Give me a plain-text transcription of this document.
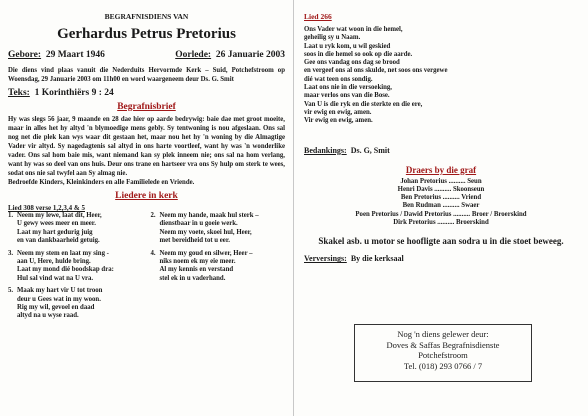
BEGRAFNISDIENS VAN
Gerhardus Petrus Pretorius
Gebore: 29 Maart 1946	Oorlede: 26 Januarie 2003
Die diens vind plaas vanuit die Nederduits Hervormde Kerk – Suid, Potchefstroom op Woensdag, 29 Januarie 2003 om 11h00 en word waargeneem deur Ds. G. Smit
Teks: 1 Korinthiërs 9 : 24
Begrafnisbrief
Hy was slegs 56 jaar, 9 maande en 28 dae hier op aarde bedrywig: baie dae met groot moeite, maar in alles het hy altyd 'n blymoedige mens gebly. Sy tentwoning is nou afgeslaan. Ons sal nog net die plek kan wys waar dit gestaan het, maar nou het hy 'n woning by die Almagtige Vader vir altyd. Sy nagedagtenis sal altyd in ons harte voortleef, want hy was 'n wonderlike vader. Ons sal hom baie mis, want niemand kan sy plek inneem nie; ons sal na hom verlang, want hy was so deel van ons huis. Deur ons trane en hartseer vra ons Sy hulp om sterk te wees, sodat ons nie sal twyfel aan Sy almag nie.
Bedroefde Kinders, Kleinkinders en alle Familielede en Vriende.
Liedere in kerk
Lied 308 verse 1,2,3,4 & 5
1. Neem my lewe, laat dit, Heer,
U gewy wees meer en meer.
Laat my hart gedurig juig
en van dankbaarheid getuig.
3. Neem my stem en laat my sing -
aan U, Here, hulde bring.
Laat my mond dié boodskap dra:
Hul sal vind wat na U vra.
5. Maak my hart vir U tot troon
deur u Gees wat in my woon.
Rig my wil, gevoel en daad
altyd na u wyse raad.
2. Neem my hande, maak hul sterk –
dienstbaar in u goeie werk.
Neem my voete, skoei hul, Heer,
met bereidheid tot u eer.
4. Neem my goud en silwer, Heer –
niks noem ek my eie meer.
Al my kennis en verstand
stel ek in u vaderhand.
Lied 266
Ons Vader wat woon in die hemel,
geheilig sy u Naam.
Laat u ryk kom, u wil geskied
soos in die hemel so ook op die aarde.
Gee ons vandag ons dag se brood
en vergeef ons al ons skulde, net soos ons vergewe
dié wat teen ons sondig.
Laat ons nie in die versoeking,
maar verlos ons van die Bose.
Van U is die ryk en die sterkte en die ere,
vir ewig en ewig, amen.
Vir ewig en ewig, amen.
Bedankings: Ds. G, Smit
Draers by die graf
Johan Pretorius .......... Seun
Henri Davis .......... Skoonseun
Ben Pretorius .......... Vriend
Ben Rudman .......... Swaer
Poen Pretorius / Dawid Pretorius .......... Broer / Broerskind
Dirk Pretorius .......... Broerskind
Skakel asb. u motor se hoofligte aan sodra u in die stoet beweeg.
Verversings: By die kerksaal
Nog 'n diens gelewer deur:
Doves & Saffas Begrafnisdienste
Potchefstroom
Tel. (018) 293 0766 / 7
